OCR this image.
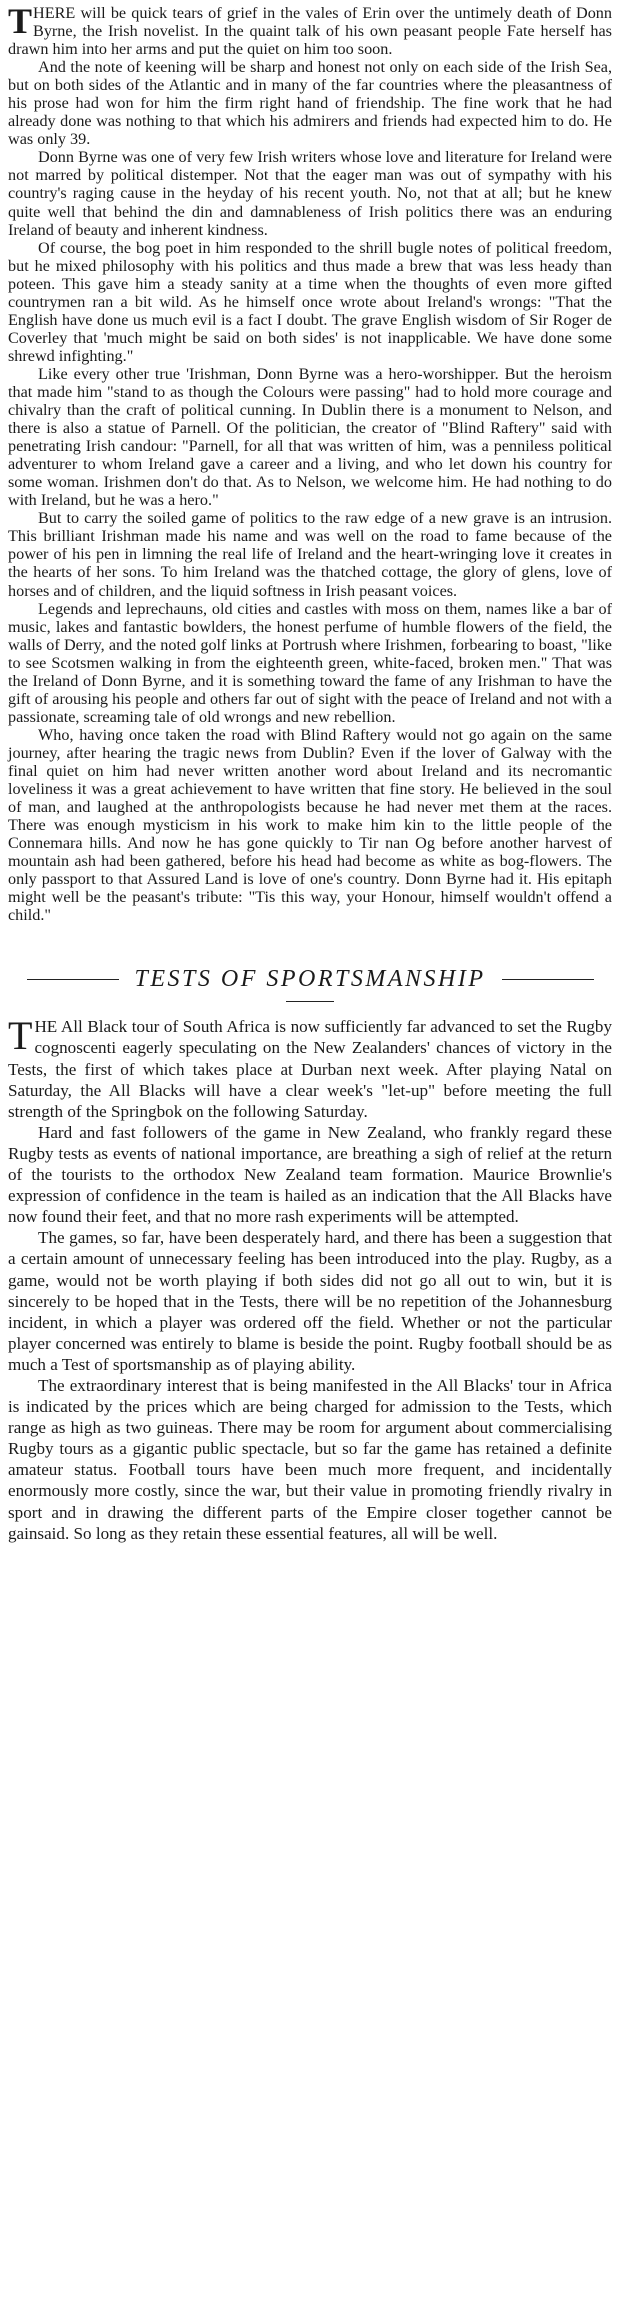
THERE will be quick tears of grief in the vales of Erin over the untimely death of Donn Byrne, the Irish novelist. In the quaint talk of his own peasant people Fate herself has drawn him into her arms and put the quiet on him too soon.

And the note of keening will be sharp and honest not only on each side of the Irish Sea, but on both sides of the Atlantic and in many of the far countries where the pleasantness of his prose had won for him the firm right hand of friendship. The fine work that he had already done was nothing to that which his admirers and friends had expected him to do. He was only 39.

Donn Byrne was one of very few Irish writers whose love and literature for Ireland were not marred by political distemper. Not that the eager man was out of sympathy with his country's raging cause in the heyday of his recent youth. No, not that at all; but he knew quite well that behind the din and damnableness of Irish politics there was an enduring Ireland of beauty and inherent kindness.

Of course, the bog poet in him responded to the shrill bugle notes of political freedom, but he mixed philosophy with his politics and thus made a brew that was less heady than poteen. This gave him a steady sanity at a time when the thoughts of even more gifted countrymen ran a bit wild. As he himself once wrote about Ireland's wrongs: "That the English have done us much evil is a fact I doubt. The grave English wisdom of Sir Roger de Coverley that 'much might be said on both sides' is not inapplicable. We have done some shrewd infighting."

Like every other true 'Irishman, Donn Byrne was a hero-worshipper. But the heroism that made him "stand to as though the Colours were passing" had to hold more courage and chivalry than the craft of political cunning. In Dublin there is a monument to Nelson, and there is also a statue of Parnell. Of the politician, the creator of "Blind Raftery" said with penetrating Irish candour: "Parnell, for all that was written of him, was a penniless political adventurer to whom Ireland gave a career and a living, and who let down his country for some woman. Irishmen don't do that. As to Nelson, we welcome him. He had nothing to do with Ireland, but he was a hero."

But to carry the soiled game of politics to the raw edge of a new grave is an intrusion. This brilliant Irishman made his name and was well on the road to fame because of the power of his pen in limning the real life of Ireland and the heart-wringing love it creates in the hearts of her sons. To him Ireland was the thatched cottage, the glory of glens, love of horses and of children, and the liquid softness in Irish peasant voices.

Legends and leprechauns, old cities and castles with moss on them, names like a bar of music, lakes and fantastic bowlders, the honest perfume of humble flowers of the field, the walls of Derry, and the noted golf links at Portrush where Irishmen, forbearing to boast, "like to see Scotsmen walking in from the eighteenth green, white-faced, broken men." That was the Ireland of Donn Byrne, and it is something toward the fame of any Irishman to have the gift of arousing his people and others far out of sight with the peace of Ireland and not with a passionate, screaming tale of old wrongs and new rebellion.

Who, having once taken the road with Blind Raftery would not go again on the same journey, after hearing the tragic news from Dublin? Even if the lover of Galway with the final quiet on him had never written another word about Ireland and its necromantic loveliness it was a great achievement to have written that fine story. He believed in the soul of man, and laughed at the anthropologists because he had never met them at the races. There was enough mysticism in his work to make him kin to the little people of the Connemara hills. And now he has gone quickly to Tir nan Og before another harvest of mountain ash had been gathered, before his head had become as white as bog-flowers. The only passport to that Assured Land is love of one's country. Donn Byrne had it. His epitaph might well be the peasant's tribute: "Tis this way, your Honour, himself wouldn't offend a child."

TESTS OF SPORTSMANSHIP

THE All Black tour of South Africa is now sufficiently far advanced to set the Rugby cognoscenti eagerly speculating on the New Zealanders' chances of victory in the Tests, the first of which takes place at Durban next week. After playing Natal on Saturday, the All Blacks will have a clear week's "let-up" before meeting the full strength of the Springbok on the following Saturday.

Hard and fast followers of the game in New Zealand, who frankly regard these Rugby tests as events of national importance, are breathing a sigh of relief at the return of the tourists to the orthodox New Zealand team formation. Maurice Brownlie's expression of confidence in the team is hailed as an indication that the All Blacks have now found their feet, and that no more rash experiments will be attempted.

The games, so far, have been desperately hard, and there has been a suggestion that a certain amount of unnecessary feeling has been introduced into the play. Rugby, as a game, would not be worth playing if both sides did not go all out to win, but it is sincerely to be hoped that in the Tests, there will be no repetition of the Johannesburg incident, in which a player was ordered off the field. Whether or not the particular player concerned was entirely to blame is beside the point. Rugby football should be as much a Test of sportsmanship as of playing ability.

The extraordinary interest that is being manifested in the All Blacks' tour in Africa is indicated by the prices which are being charged for admission to the Tests, which range as high as two guineas. There may be room for argument about commercialising Rugby tours as a gigantic public spectacle, but so far the game has retained a definite amateur status. Football tours have been much more frequent, and incidentally enormously more costly, since the war, but their value in promoting friendly rivalry in sport and in drawing the different parts of the Empire closer together cannot be gainsaid. So long as they retain these essential features, all will be well.
